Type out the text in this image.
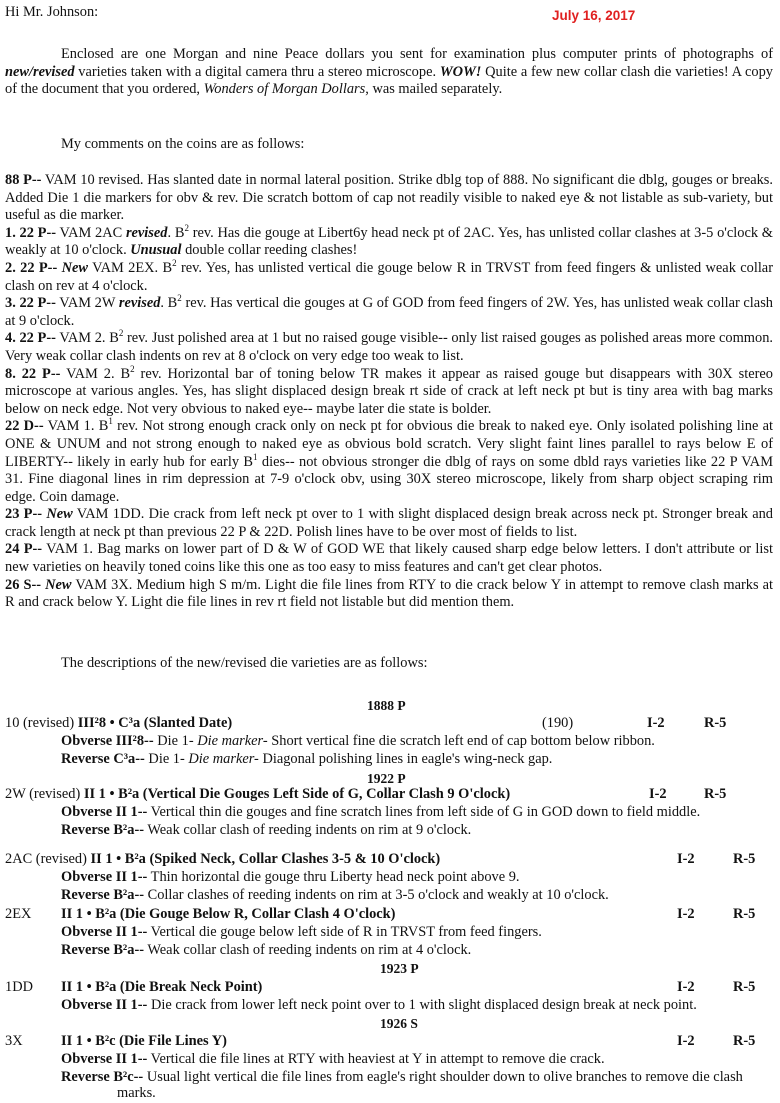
Hi Mr. Johnson:	July 16, 2017
Enclosed are one Morgan and nine Peace dollars you sent for examination plus computer prints of photographs of new/revised varieties taken with a digital camera thru a stereo microscope. WOW! Quite a few new collar clash die varieties! A copy of the document that you ordered, Wonders of Morgan Dollars, was mailed separately.
My comments on the coins are as follows:
88 P-- VAM 10 revised. Has slanted date in normal lateral position. Strike dblg top of 888. No significant die dblg, gouges or breaks. Added Die 1 die markers for obv & rev. Die scratch bottom of cap not readily visible to naked eye & not listable as sub-variety, but useful as die marker.
1. 22 P-- VAM 2AC revised. $B^2$ rev. Has die gouge at Libert6y head neck pt of 2AC. Yes, has unlisted collar clashes at 3-5 o'clock & weakly at 10 o'clock. Unusual double collar reeding clashes!
2. 22 P-- New VAM 2EX. $B^2$ rev. Yes, has unlisted vertical die gouge below R in TRVST from feed fingers & unlisted weak collar clash on rev at 4 o'clock.
3. 22 P-- VAM 2W revised. $B^2$ rev. Has vertical die gouges at G of GOD from feed fingers of 2W. Yes, has unlisted weak collar clash at 9 o'clock.
4. 22 P-- VAM 2. $B^2$ rev. Just polished area at 1 but no raised gouge visible-- only list raised gouges as polished areas more common. Very weak collar clash indents on rev at 8 o'clock on very edge too weak to list.
8. 22 P-- VAM 2. $B^2$ rev. Horizontal bar of toning below TR makes it appear as raised gouge but disappears with 30X stereo microscope at various angles. Yes, has slight displaced design break rt side of crack at left neck pt but is tiny area with bag marks below on neck edge. Not very obvious to naked eye-- maybe later die state is bolder.
22 D-- VAM 1. $B^1$ rev. Not strong enough crack only on neck pt for obvious die break to naked eye. Only isolated polishing line at ONE & UNUM and not strong enough to naked eye as obvious bold scratch. Very slight faint lines parallel to rays below E of LIBERTY-- likely in early hub for early $B^1$ dies-- not obvious stronger die dblg of rays on some dbld rays varieties like 22 P VAM 31. Fine diagonal lines in rim depression at 7-9 o'clock obv, using 30X stereo microscope, likely from sharp object scraping rim edge. Coin damage.
23 P-- New VAM 1DD. Die crack from left neck pt over to 1 with slight displaced design break across neck pt. Stronger break and crack length at neck pt than previous 22 P & 22D. Polish lines have to be over most of fields to list.
24 P-- VAM 1. Bag marks on lower part of D & W of GOD WE that likely caused sharp edge below letters. I don't attribute or list new varieties on heavily toned coins like this one as too easy to miss features and can't get clear photos.
26 S-- New VAM 3X. Medium high S m/m. Light die file lines from RTY to die crack below Y in attempt to remove clash marks at R and crack below Y. Light die file lines in rev rt field not listable but did mention them.
The descriptions of the new/revised die varieties are as follows:
1888 P
1922 P
1923 P
1926 S
10 (revised) III²8 • C³a (Slanted Date)	(190)	I-2	R-5
Obverse III²8-- Die 1- Die marker- Short vertical fine die scratch left end of cap bottom below ribbon.
Reverse C³a-- Die 1- Die marker- Diagonal polishing lines in eagle's wing-neck gap.
2W (revised) II 1 • B²a (Vertical Die Gouges Left Side of G, Collar Clash 9 O'clock)	I-2	R-5
Obverse II 1-- Vertical thin die gouges and fine scratch lines from left side of G in GOD down to field middle.
Reverse B²a-- Weak collar clash of reeding indents on rim at 9 o'clock.
2AC (revised) II 1 • B²a (Spiked Neck, Collar Clashes 3-5 & 10 O'clock)	I-2	R-5
Obverse II 1-- Thin horizontal die gouge thru Liberty head neck point above 9.
Reverse B²a-- Collar clashes of reeding indents on rim at 3-5 o'clock and weakly at 10 o'clock.
2EX II 1 • B²a (Die Gouge Below R, Collar Clash 4 O'clock)	I-2	R-5
Obverse II 1-- Vertical die gouge below left side of R in TRVST from feed fingers.
Reverse B²a-- Weak collar clash of reeding indents on rim at 4 o'clock.
1DD II 1 • B²a (Die Break Neck Point)	I-2	R-5
Obverse II 1-- Die crack from lower left neck point over to 1 with slight displaced design break at neck point.
3X	II 1 • B²c (Die File Lines Y)	I-2	R-5
Obverse II 1-- Vertical die file lines at RTY with heaviest at Y in attempt to remove die crack.
Reverse B²c-- Usual light vertical die file lines from eagle's right shoulder down to olive branches to remove die clash
marks.
